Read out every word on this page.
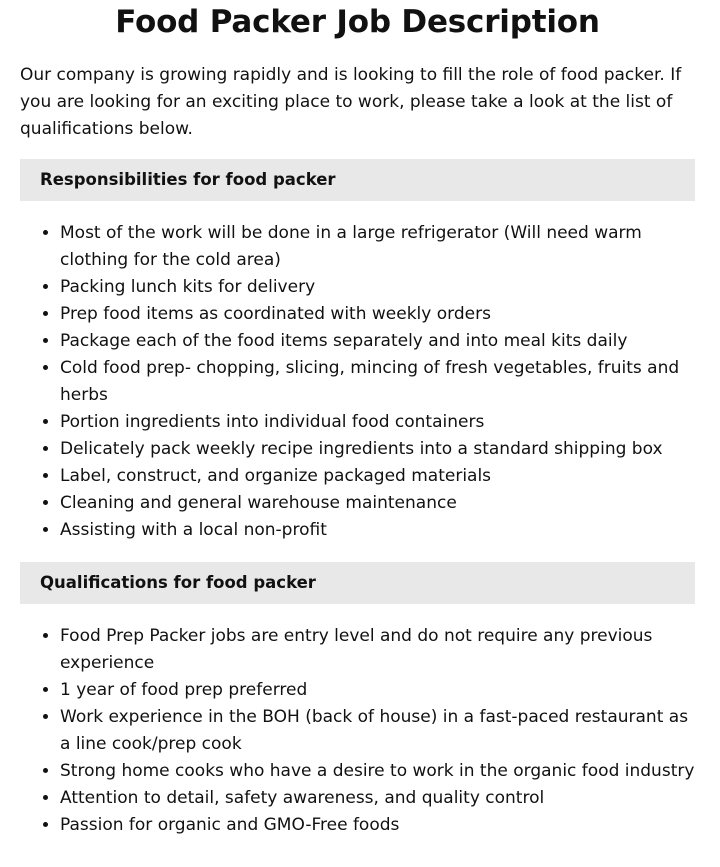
Food Packer Job Description

Our company is growing rapidly and is looking to fill the role of food packer. If you are looking for an exciting place to work, please take a look at the list of qualifications below.

Responsibilities for food packer
• Most of the work will be done in a large refrigerator (Will need warm clothing for the cold area)
• Packing lunch kits for delivery
• Prep food items as coordinated with weekly orders
• Package each of the food items separately and into meal kits daily
• Cold food prep- chopping, slicing, mincing of fresh vegetables, fruits and herbs
• Portion ingredients into individual food containers
• Delicately pack weekly recipe ingredients into a standard shipping box
• Label, construct, and organize packaged materials
• Cleaning and general warehouse maintenance
• Assisting with a local non-profit
Qualifications for food packer
• Food Prep Packer jobs are entry level and do not require any previous experience
• 1 year of food prep preferred
• Work experience in the BOH (back of house) in a fast-paced restaurant as a line cook/prep cook
• Strong home cooks who have a desire to work in the organic food industry
• Attention to detail, safety awareness, and quality control
• Passion for organic and GMO-Free foods
